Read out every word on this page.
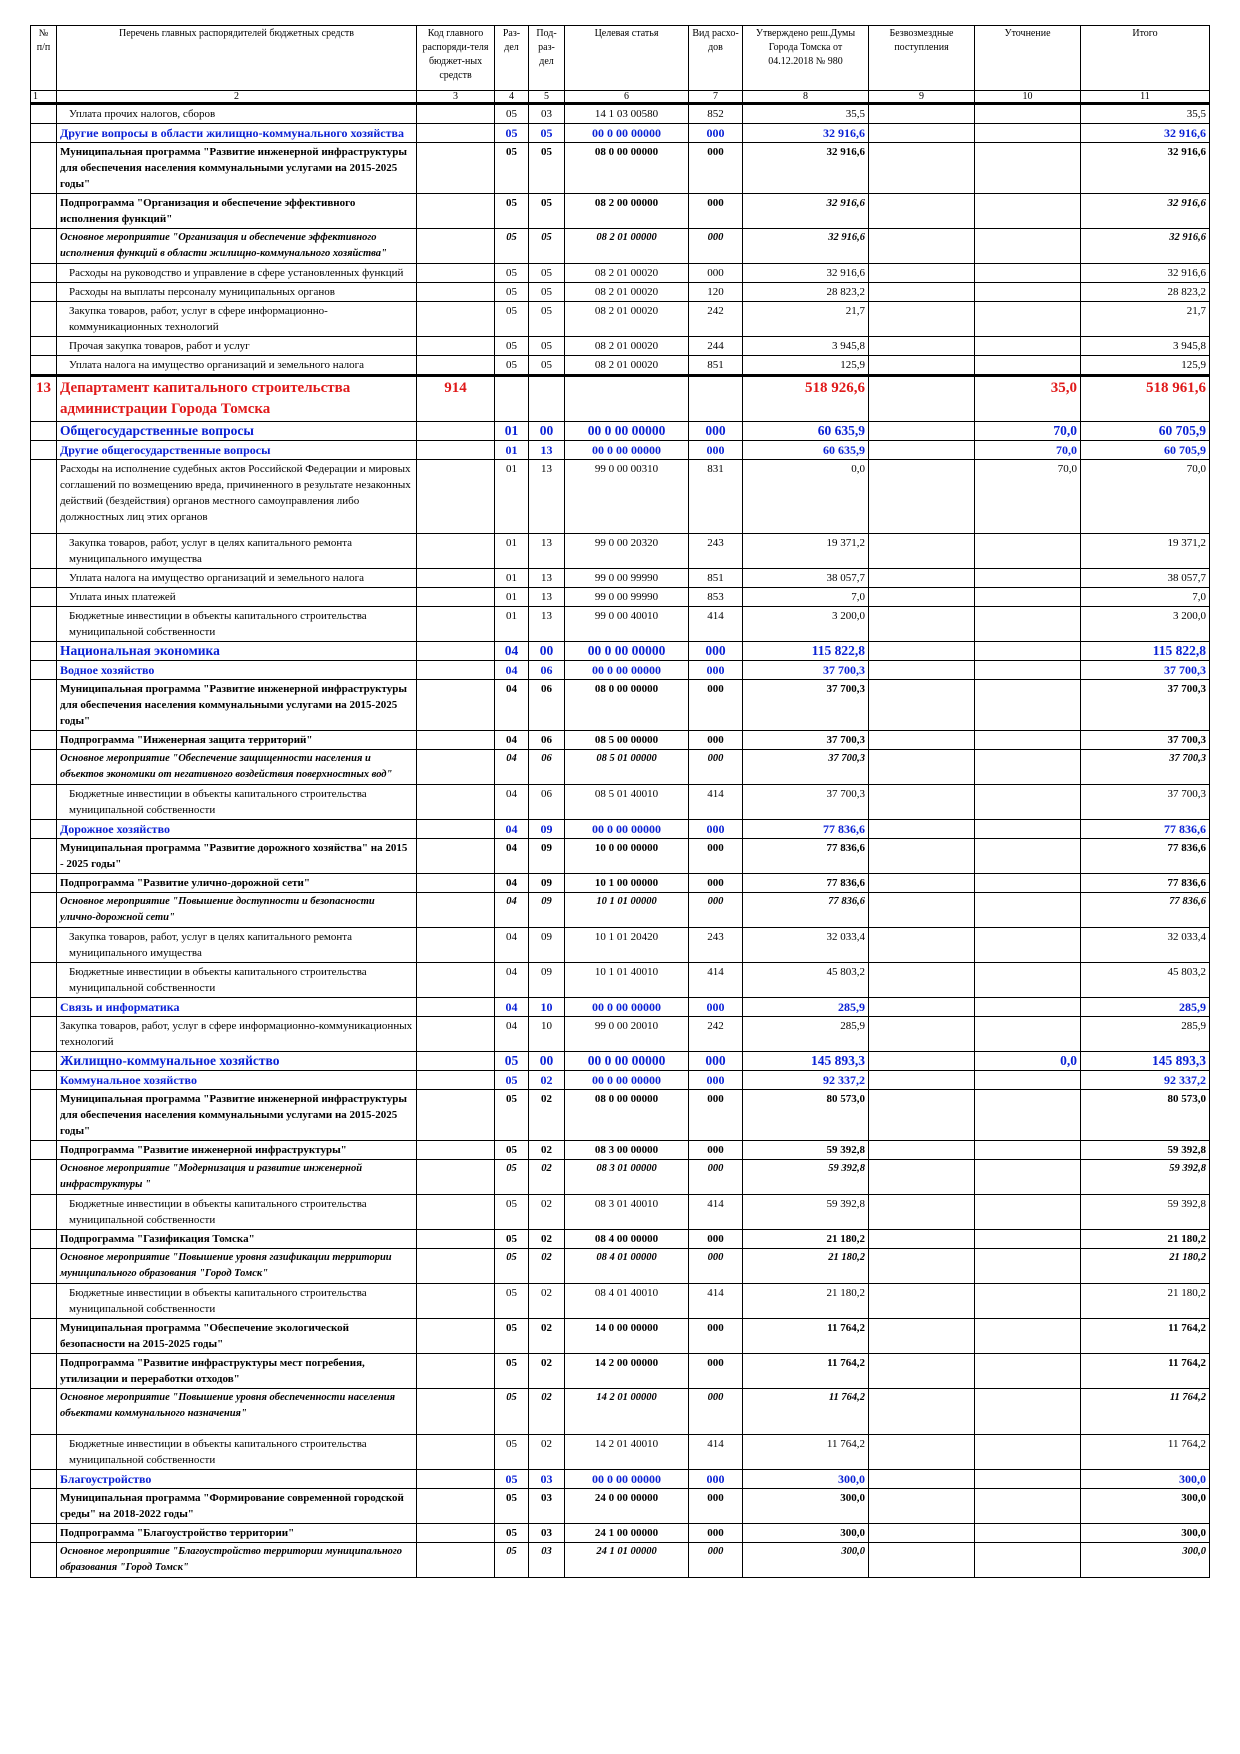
№ п/п	Перечень главных распорядителей бюджетных средств	Код главного распоряди-теля бюджет-ных средств	Раз-дел	Под-раз-дел	Целевая статья	Вид расхо-дов	Утверждено реш.Думы Города Томска от 04.12.2018 № 980	Безвозмездные поступления	Уточнение	Итого
1	2	3	4	5	6	7	8	9	10	11
	Уплата прочих налогов, сборов		05	03	14 1 03 00580	852	35,5			35,5
	Другие вопросы в области жилищно-коммунального хозяйства		05	05	00 0 00 00000	000	32 916,6			32 916,6
	Муниципальная программа "Развитие инженерной инфраструктуры для обеспечения населения коммунальными услугами на 2015-2025 годы"		05	05	08 0 00 00000	000	32 916,6			32 916,6
	Подпрограмма "Организация и обеспечение эффективного исполнения функций"		05	05	08 2 00 00000	000	32 916,6			32 916,6
	Основное мероприятие "Организация и обеспечение эффективного исполнения функций в области жилищно-коммунального хозяйства"		05	05	08 2 01 00000	000	32 916,6			32 916,6
	Расходы на руководство и управление в сфере установленных функций		05	05	08 2 01 00020	000	32 916,6			32 916,6
	Расходы на выплаты персоналу муниципальных органов		05	05	08 2 01 00020	120	28 823,2			28 823,2
	Закупка товаров, работ, услуг в сфере информационно-коммуникационных технологий		05	05	08 2 01 00020	242	21,7			21,7
	Прочая закупка товаров, работ и услуг		05	05	08 2 01 00020	244	3 945,8			3 945,8
	Уплата налога на имущество организаций и земельного налога		05	05	08 2 01 00020	851	125,9			125,9
13	Департамент капитального строительства администрации Города Томска	914					518 926,6		35,0	518 961,6
	Общегосударственные вопросы		01	00	00 0 00 00000	000	60 635,9		70,0	60 705,9
	Другие общегосударственные вопросы		01	13	00 0 00 00000	000	60 635,9		70,0	60 705,9
	Расходы на исполнение судебных актов Российской Федерации и мировых соглашений по возмещению вреда, причиненного в результате незаконных действий (бездействия) органов местного самоуправления либо должностных лиц этих органов		01	13	99 0 00 00310	831	0,0		70,0	70,0
	Закупка товаров, работ, услуг в целях капитального ремонта муниципального имущества		01	13	99 0 00 20320	243	19 371,2			19 371,2
	Уплата налога на имущество организаций и земельного налога		01	13	99 0 00 99990	851	38 057,7			38 057,7
	Уплата иных платежей		01	13	99 0 00 99990	853	7,0			7,0
	Бюджетные инвестиции в объекты капитального строительства муниципальной собственности		01	13	99 0 00 40010	414	3 200,0			3 200,0
	Национальная экономика		04	00	00 0 00 00000	000	115 822,8			115 822,8
	Водное хозяйство		04	06	00 0 00 00000	000	37 700,3			37 700,3
	Муниципальная программа "Развитие инженерной инфраструктуры для обеспечения населения коммунальными услугами на 2015-2025 годы"		04	06	08 0 00 00000	000	37 700,3			37 700,3
	Подпрограмма "Инженерная защита территорий"		04	06	08 5 00 00000	000	37 700,3			37 700,3
	Основное мероприятие "Обеспечение защищенности населения и объектов экономики от негативного воздействия поверхностных вод"		04	06	08 5 01 00000	000	37 700,3			37 700,3
	Бюджетные инвестиции в объекты капитального строительства муниципальной собственности		04	06	08 5 01 40010	414	37 700,3			37 700,3
	Дорожное хозяйство		04	09	00 0 00 00000	000	77 836,6			77 836,6
	Муниципальная программа "Развитие дорожного хозяйства" на 2015 - 2025 годы"		04	09	10 0 00 00000	000	77 836,6			77 836,6
	Подпрограмма "Развитие улично-дорожной сети"		04	09	10 1 00 00000	000	77 836,6			77 836,6
	Основное мероприятие "Повышение доступности и безопасности улично-дорожной сети"		04	09	10 1 01 00000	000	77 836,6			77 836,6
	Закупка товаров, работ, услуг в целях капитального ремонта муниципального имущества		04	09	10 1 01 20420	243	32 033,4			32 033,4
	Бюджетные инвестиции в объекты капитального строительства муниципальной собственности		04	09	10 1 01 40010	414	45 803,2			45 803,2
	Связь и информатика		04	10	00 0 00 00000	000	285,9			285,9
	Закупка товаров, работ, услуг в сфере информационно-коммуникационных технологий		04	10	99 0 00 20010	242	285,9			285,9
	Жилищно-коммунальное хозяйство		05	00	00 0 00 00000	000	145 893,3		0,0	145 893,3
	Коммунальное хозяйство		05	02	00 0 00 00000	000	92 337,2			92 337,2
	Муниципальная программа "Развитие инженерной инфраструктуры для обеспечения населения коммунальными услугами на 2015-2025 годы"		05	02	08 0 00 00000	000	80 573,0			80 573,0
	Подпрограмма "Развитие инженерной инфраструктуры"		05	02	08 3 00 00000	000	59 392,8			59 392,8
	Основное мероприятие "Модернизация и развитие инженерной инфраструктуры "		05	02	08 3 01 00000	000	59 392,8			59 392,8
	Бюджетные инвестиции в объекты капитального строительства муниципальной собственности		05	02	08 3 01 40010	414	59 392,8			59 392,8
	Подпрограмма "Газификация Томска"		05	02	08 4 00 00000	000	21 180,2			21 180,2
	Основное мероприятие "Повышение уровня газификации территории муниципального образования "Город Томск"		05	02	08 4 01 00000	000	21 180,2			21 180,2
	Бюджетные инвестиции в объекты капитального строительства муниципальной собственности		05	02	08 4 01 40010	414	21 180,2			21 180,2
	Муниципальная программа "Обеспечение экологической безопасности на 2015-2025 годы"		05	02	14 0 00 00000	000	11 764,2			11 764,2
	Подпрограмма "Развитие инфраструктуры мест погребения, утилизации и переработки отходов"		05	02	14 2 00 00000	000	11 764,2			11 764,2
	Основное мероприятие "Повышение уровня обеспеченности населения объектами коммунального назначения"		05	02	14 2 01 00000	000	11 764,2			11 764,2
	Бюджетные инвестиции в объекты капитального строительства муниципальной собственности		05	02	14 2 01 40010	414	11 764,2			11 764,2
	Благоустройство		05	03	00 0 00 00000	000	300,0			300,0
	Муниципальная программа "Формирование современной городской среды" на 2018-2022 годы"		05	03	24 0 00 00000	000	300,0			300,0
	Подпрограмма "Благоустройство территории"		05	03	24 1 00 00000	000	300,0			300,0
	Основное мероприятие "Благоустройство территории муниципального образования "Город Томск"		05	03	24 1 01 00000	000	300,0			300,0
